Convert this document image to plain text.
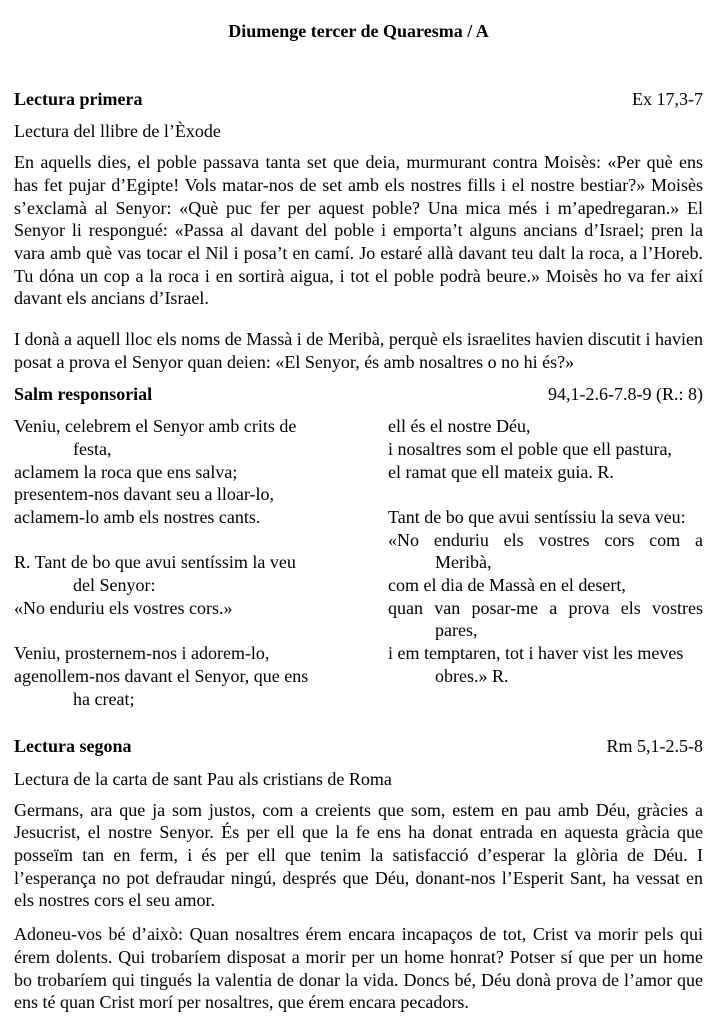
Diumenge tercer de Quaresma / A
Lectura primera	Ex 17,3-7
Lectura del llibre de l’Èxode

En aquells dies, el poble passava tanta set que deia, murmurant contra Moisès: «Per què ens has fet pujar d’Egipte! Vols matar-nos de set amb els nostres fills i el nostre bestiar?» Moisès s’exclamà al Senyor: «Què puc fer per aquest poble? Una mica més i m’apedregaran.» El Senyor li respongué: «Passa al davant del poble i emporta’t alguns ancians d’Israel; pren la vara amb què vas tocar el Nil i posa’t en camí. Jo estaré allà davant teu dalt la roca, a l’Horeb. Tu dóna un cop a la roca i en sortirà aigua, i tot el poble podrà beure.» Moisès ho va fer així davant els ancians d’Israel.

I donà a aquell lloc els noms de Massà i de Meribà, perquè els israelites havien discutit i havien posat a prova el Senyor quan deien: «El Senyor, és amb nosaltres o no hi és?»

Salm responsorial	94,1-2.6-7.8-9 (R.: 8)
Veniu, celebrem el Senyor amb crits de
festa,
aclamem la roca que ens salva;
presentem-nos davant seu a lloar-lo,
aclamem-lo amb els nostres cants.
R. Tant de bo que avui sentíssim la veu
del Senyor:
«No enduriu els vostres cors.»
Veniu, prosternem-nos i adorem-lo,
agenollem-nos davant el Senyor, que ens
ha creat;
ell és el nostre Déu,
i nosaltres som el poble que ell pastura,
el ramat que ell mateix guia. R.
Tant de bo que avui sentíssiu la seva veu:
«No enduriu els vostres cors com a
Meribà,
com el dia de Massà en el desert,
quan van posar-me a prova els vostres
pares,
i em temptaren, tot i haver vist les meves
obres.» R.
Lectura segona	Rm 5,1-2.5-8
Lectura de la carta de sant Pau als cristians de Roma

Germans, ara que ja som justos, com a creients que som, estem en pau amb Déu, gràcies a Jesucrist, el nostre Senyor. És per ell que la fe ens ha donat entrada en aquesta gràcia que posseïm tan en ferm, i és per ell que tenim la satisfacció d’esperar la glòria de Déu. I l’esperança no pot defraudar ningú, després que Déu, donant-nos l’Esperit Sant, ha vessat en els nostres cors el seu amor.

Adoneu-vos bé d’això: Quan nosaltres érem encara incapaços de tot, Crist va morir pels qui érem dolents. Qui trobaríem disposat a morir per un home honrat? Potser sí que per un home bo trobaríem qui tingués la valentia de donar la vida. Doncs bé, Déu donà prova de l’amor que ens té quan Crist morí per nosaltres, que érem encara pecadors.
